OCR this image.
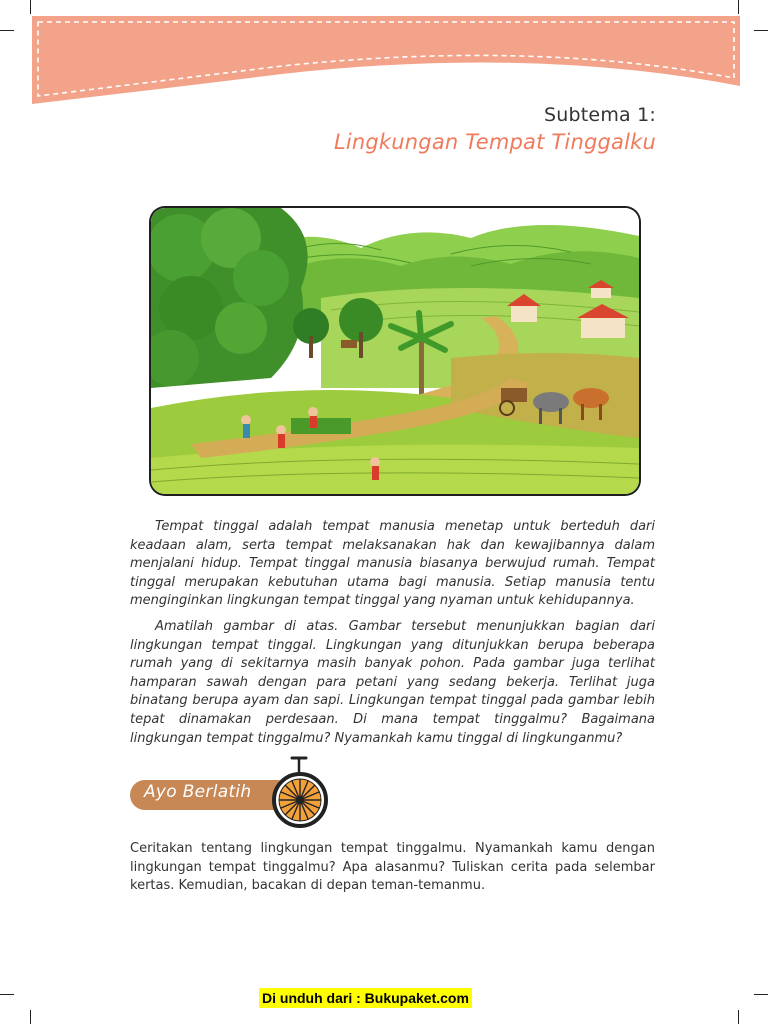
Subtema 1:
Lingkungan Tempat Tinggalku
Tempat tinggal adalah tempat manusia menetap untuk berteduh dari keadaan alam, serta tempat melaksanakan hak dan kewajibannya dalam menjalani hidup. Tempat tinggal manusia biasanya berwujud rumah. Tempat tinggal merupakan kebutuhan utama bagi manusia. Setiap manusia tentu menginginkan lingkungan tempat tinggal yang nyaman untuk kehidupannya.
Amatilah gambar di atas. Gambar tersebut menunjukkan bagian dari lingkungan tempat tinggal. Lingkungan yang ditunjukkan berupa beberapa rumah yang di sekitarnya masih banyak pohon. Pada gambar juga terlihat hamparan sawah dengan para petani yang sedang bekerja. Terlihat juga binatang berupa ayam dan sapi. Lingkungan tempat tinggal pada gambar lebih tepat dinamakan perdesaan. Di mana tempat tinggalmu? Bagaimana lingkungan tempat tinggalmu? Nyamankah kamu tinggal di lingkunganmu?
Ayo Berlatih
Ceritakan tentang lingkungan tempat tinggalmu. Nyamankah kamu dengan lingkungan tempat tinggalmu? Apa alasanmu? Tuliskan cerita pada selembar kertas. Kemudian, bacakan di depan teman-temanmu.
Di unduh dari : Bukupaket.com
